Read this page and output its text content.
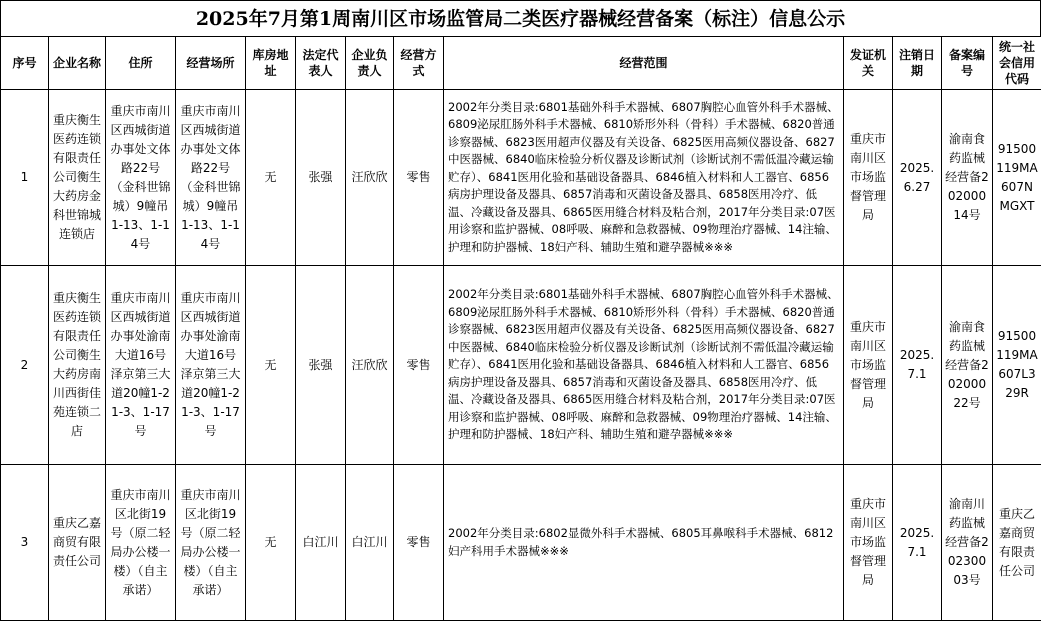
2025年7月第1周南川区市场监管局二类医疗器械经营备案（标注）信息公示
序号	企业名称	住所	经营场所	库房地址	法定代表人	企业负责人	经营方式	经营范围	发证机关	注销日期	备案编号	统一社会信用代码
1	重庆衡生医药连锁有限责任公司衡生大药房金科世锦城连锁店	重庆市南川区西城街道办事处文体路22号（金科世锦城）9幢吊1-13、1-14号	重庆市南川区西城街道办事处文体路22号（金科世锦城）9幢吊1-13、1-14号	无	张强	汪欣欣	零售	2002年分类目录:6801基础外科手术器械、6807胸腔心血管外科手术器械、6809泌尿肛肠外科手术器械、6810矫形外科（骨科）手术器械、6820普通诊察器械、6823医用超声仪器及有关设备、6825医用高频仪器设备、6827中医器械、6840临床检验分析仪器及诊断试剂（诊断试剂不需低温冷藏运输贮存）、6841医用化验和基础设备器具、6846植入材料和人工器官、6856病房护理设备及器具、6857消毒和灭菌设备及器具、6858医用冷疗、低温、冷藏设备及器具、6865医用缝合材料及粘合剂，2017年分类目录:07医用诊察和监护器械、08呼吸、麻醉和急救器械、09物理治疗器械、14注输、护理和防护器械、18妇产科、辅助生殖和避孕器械※※※	重庆市南川区市场监督管理局	2025.6.27	渝南食药监械经营备20200014号	91500119MA607NMGXT
2	重庆衡生医药连锁有限责任公司衡生大药房南川西街佳苑连锁二店	重庆市南川区西城街道办事处渝南大道16号泽京第三大道20幢1-21-3、1-17号	重庆市南川区西城街道办事处渝南大道16号泽京第三大道20幢1-21-3、1-17号	无	张强	汪欣欣	零售	2002年分类目录:6801基础外科手术器械、6807胸腔心血管外科手术器械、6809泌尿肛肠外科手术器械、6810矫形外科（骨科）手术器械、6820普通诊察器械、6823医用超声仪器及有关设备、6825医用高频仪器设备、6827中医器械、6840临床检验分析仪器及诊断试剂（诊断试剂不需低温冷藏运输贮存）、6841医用化验和基础设备器具、6846植入材料和人工器官、6856病房护理设备及器具、6857消毒和灭菌设备及器具、6858医用冷疗、低温、冷藏设备及器具、6865医用缝合材料及粘合剂，2017年分类目录:07医用诊察和监护器械、08呼吸、麻醉和急救器械、09物理治疗器械、14注输、护理和防护器械、18妇产科、辅助生殖和避孕器械※※※	重庆市南川区市场监督管理局	2025.7.1	渝南食药监械经营备20200022号	91500119MA607L329R
3	重庆乙嘉商贸有限责任公司	重庆市南川区北街19号（原二轻局办公楼一楼）（自主承诺）	重庆市南川区北街19号（原二轻局办公楼一楼）（自主承诺）	无	白江川	白江川	零售	2002年分类目录:6802显微外科手术器械、6805耳鼻喉科手术器械、6812妇产科用手术器械※※※	重庆市南川区市场监督管理局	2025.7.1	渝南川药监械经营备20230003号	重庆乙嘉商贸有限责任公司
